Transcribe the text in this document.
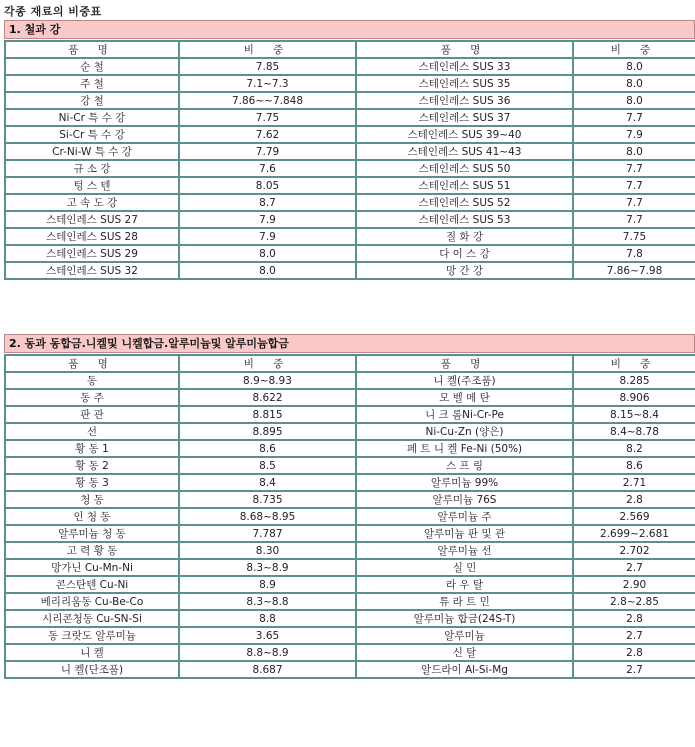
각종 재료의 비중표
1. 철과 강
품 명	비 중	품 명	비 중
순 철	7.85	스테인레스 SUS 33	8.0
주 철	7.1~7.3	스테인레스 SUS 35	8.0
강 철	7.86~~7.848	스테인레스 SUS 36	8.0
Ni-Cr 특 수 강	7.75	스테인레스 SUS 37	7.7
Si-Cr 특 수 강	7.62	스테인레스 SUS 39~40	7.9
Cr-Ni-W 특 수 강	7.79	스테인레스 SUS 41~43	8.0
규 소 강	7.6	스테인레스 SUS 50	7.7
텅 스 텐	8.05	스테인레스 SUS 51	7.7
고 속 도 강	8.7	스테인레스 SUS 52	7.7
스테인레스 SUS 27	7.9	스테인레스 SUS 53	7.7
스테인레스 SUS 28	7.9	질 화 강	7.75
스테인레스 SUS 29	8.0	다 이 스 강	7.8
스테인레스 SUS 32	8.0	망 간 강	7.86~7.98
2. 동과 동합금.니켈및 니켈합금.알루미늄및 알루미늄합금
품 명	비 중	품 명	비 중
동	8.9~8.93	니 켈(주조품)	8.285
동 주	8.622	모 벨 메 탄	8.906
판 관	8.815	니 크 롬Ni-Cr-Pe	8.15~8.4
선	8.895	Ni-Cu-Zn (양은)	8.4~8.78
황 동 1	8.6	페 트 니 켈 Fe-Ni (50%)	8.2
황 동 2	8.5	스 프 링	8.6
황 동 3	8.4	알루미늄 99%	2.71
청 동	8.735	알루미늄 76S	2.8
인 청 동	8.68~8.95	알루미늄 주	2.569
알루미늄 청 동	7.787	알루미늄 판 및 관	2.699~2.681
고 력 황 동	8.30	알루미늄 선	2.702
망가닌 Cu-Mn-Ni	8.3~8.9	실 민	2.7
콘스탄텐 Cu-Ni	8.9	라 우 탈	2.90
베리리움동 Cu-Be-Co	8.3~8.8	튜 라 트 민	2.8~2.85
시리콘청동 Cu-SN-Si	8.8	알루미늄 합금(24S-T)	2.8
동 크랏도 알루미늄	3.65	알루미늄	2.7
니 켈	8.8~8.9	신 탈	2.8
니 켈(단조품)	8.687	알드라이 Al-Si-Mg	2.7
